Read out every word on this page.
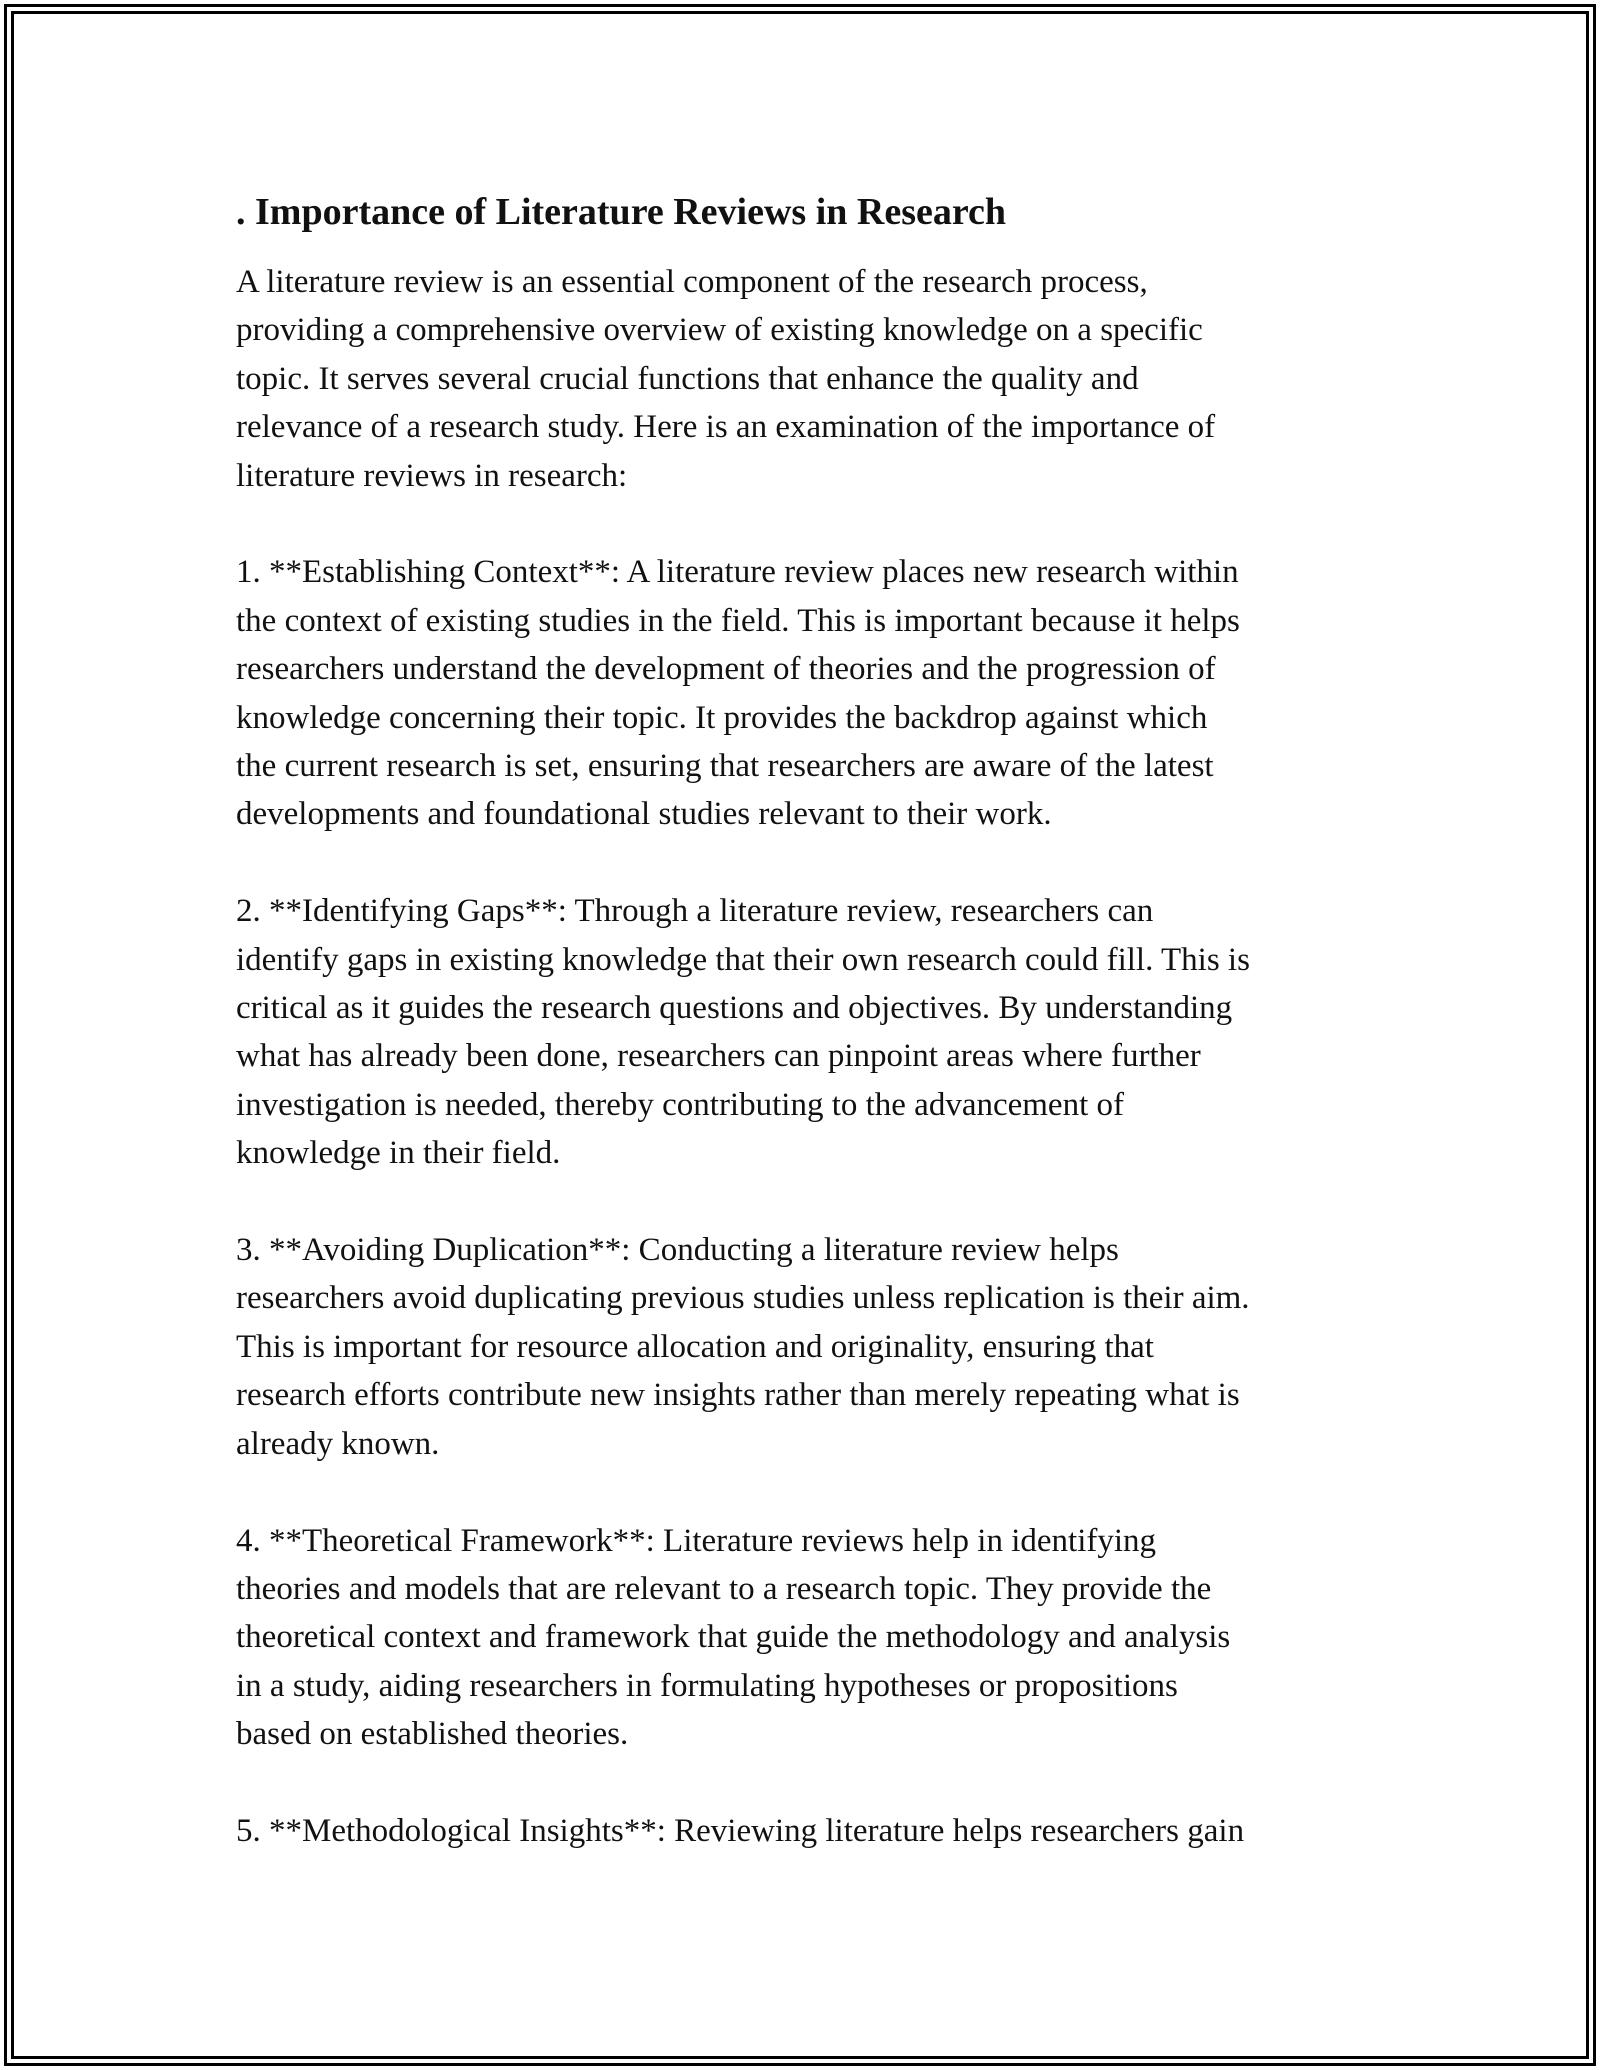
. Importance of Literature Reviews in Research

A literature review is an essential component of the research process,
providing a comprehensive overview of existing knowledge on a specific
topic. It serves several crucial functions that enhance the quality and
relevance of a research study. Here is an examination of the importance of
literature reviews in research:

1. **Establishing Context**: A literature review places new research within
the context of existing studies in the field. This is important because it helps
researchers understand the development of theories and the progression of
knowledge concerning their topic. It provides the backdrop against which
the current research is set, ensuring that researchers are aware of the latest
developments and foundational studies relevant to their work.

2. **Identifying Gaps**: Through a literature review, researchers can
identify gaps in existing knowledge that their own research could fill. This is
critical as it guides the research questions and objectives. By understanding
what has already been done, researchers can pinpoint areas where further
investigation is needed, thereby contributing to the advancement of
knowledge in their field.

3. **Avoiding Duplication**: Conducting a literature review helps
researchers avoid duplicating previous studies unless replication is their aim.
This is important for resource allocation and originality, ensuring that
research efforts contribute new insights rather than merely repeating what is
already known.

4. **Theoretical Framework**: Literature reviews help in identifying
theories and models that are relevant to a research topic. They provide the
theoretical context and framework that guide the methodology and analysis
in a study, aiding researchers in formulating hypotheses or propositions
based on established theories.

5. **Methodological Insights**: Reviewing literature helps researchers gain
